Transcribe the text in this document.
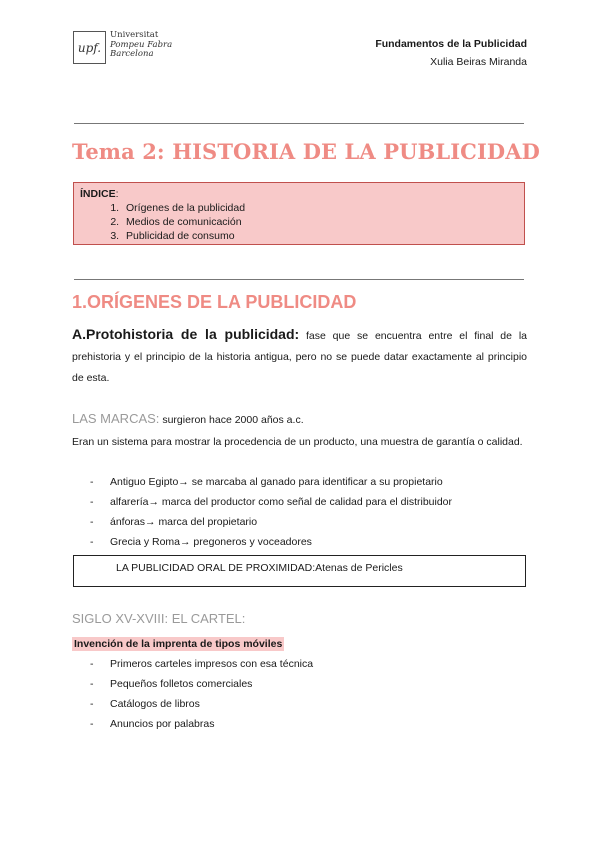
upf.
Universitat
Pompeu Fabra
Barcelona
Fundamentos de la Publicidad
Xulia Beiras Miranda
Tema 2: HISTORIA DE LA PUBLICIDAD
ÍNDICE:
1. Orígenes de la publicidad
2. Medios de comunicación
3. Publicidad de consumo
1.ORÍGENES DE LA PUBLICIDAD
A.Protohistoria de la publicidad: fase que se encuentra entre el final de la prehistoria y el principio de la historia antigua, pero no se puede datar exactamente al principio de esta.
LAS MARCAS: surgieron hace 2000 años a.c.
Eran un sistema para mostrar la procedencia de un producto, una muestra de garantía o calidad.
-	Antiguo Egipto→ se marcaba al ganado para identificar a su propietario
-	alfarería→ marca del productor como señal de calidad para el distribuidor
-	ánforas→ marca del propietario
-	Grecia y Roma→ pregoneros y voceadores
LA PUBLICIDAD ORAL DE PROXIMIDAD:Atenas de Pericles
SIGLO XV-XVIII: EL CARTEL:
Invención de la imprenta de tipos móviles
-	Primeros carteles impresos con esa técnica
-	Pequeños folletos comerciales
-	Catálogos de libros
-	Anuncios por palabras
